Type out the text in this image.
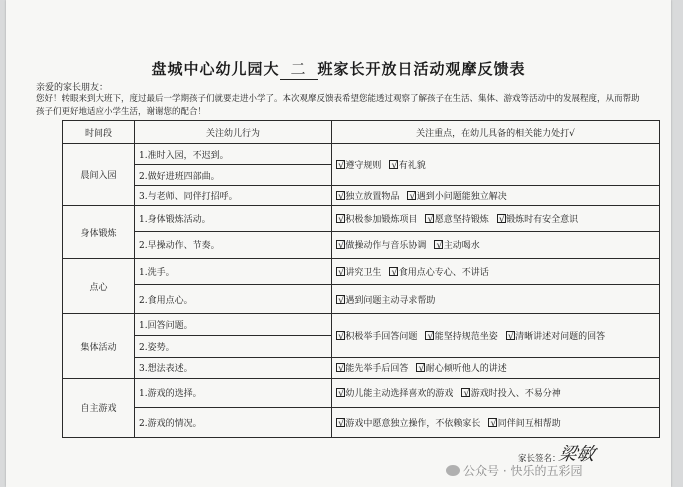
盘城中心幼儿园大 二 班家长开放日活动观摩反馈表
亲爱的家长朋友：
您好！转眼来到大班下，度过最后一学期孩子们就要走进小学了。本次观摩反馈表希望您能透过观察了解孩子在生活、集体、游戏等活动中的发展程度，从而帮助孩子们更好地适应小学生活，谢谢您的配合！
时间段	关注幼儿行为	关注重点，在幼儿具备的相关能力处打√
晨间入园	1.准时入园，不迟到。	√遵守规则 √有礼貌
	2.做好进班四部曲。	
	3.与老师、同伴打招呼。	√独立放置物品 √遇到小问题能独立解决
身体锻炼	1.身体锻炼活动。	√积极参加锻炼项目 √愿意坚持锻炼 √锻炼时有安全意识
	2.早操动作、节奏。	√做操动作与音乐协调 √主动喝水
点心	1.洗手。	√讲究卫生 √食用点心专心、不讲话
	2.食用点心。	√遇到问题主动寻求帮助
集体活动	1.回答问题。	√积极举手回答问题 √能坚持规范坐姿 √清晰讲述对问题的回答
	2.姿势。	
	3.想法表述。	√能先举手后回答 √耐心倾听他人的讲述
自主游戏	1.游戏的选择。	√幼儿能主动选择喜欢的游戏 √游戏时投入、不易分神
	2.游戏的情况。	√游戏中愿意独立操作，不依赖家长 √同伴间互相帮助
家长签名：
梁敏
公众号 · 快乐的五彩园
